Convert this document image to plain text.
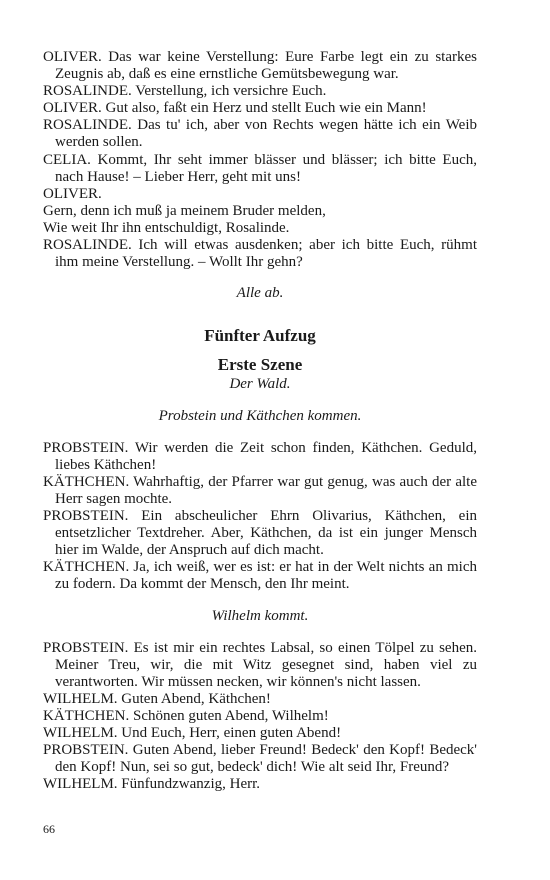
OLIVER. Das war keine Verstellung: Eure Farbe legt ein zu starkes Zeugnis ab, daß es eine ernstliche Gemütsbewegung war.

ROSALINDE. Verstellung, ich versichre Euch.

OLIVER. Gut also, faßt ein Herz und stellt Euch wie ein Mann!

ROSALINDE. Das tu' ich, aber von Rechts wegen hätte ich ein Weib werden sollen.

CELIA. Kommt, Ihr seht immer blässer und blässer; ich bitte Euch, nach Hause! – Lieber Herr, geht mit uns!

OLIVER.

Gern, denn ich muß ja meinem Bruder melden,

Wie weit Ihr ihn entschuldigt, Rosalinde.

ROSALINDE. Ich will etwas ausdenken; aber ich bitte Euch, rühmt ihm meine Verstellung. – Wollt Ihr gehn?

Alle ab.

Fünfter Aufzug

Erste Szene

Der Wald.

Probstein und Käthchen kommen.

PROBSTEIN. Wir werden die Zeit schon finden, Käthchen. Geduld, liebes Käthchen!

KÄTHCHEN. Wahrhaftig, der Pfarrer war gut genug, was auch der alte Herr sagen mochte.

PROBSTEIN. Ein abscheulicher Ehrn Olivarius, Käthchen, ein entsetzlicher Textdreher. Aber, Käthchen, da ist ein junger Mensch hier im Walde, der Anspruch auf dich macht.

KÄTHCHEN. Ja, ich weiß, wer es ist: er hat in der Welt nichts an mich zu fodern. Da kommt der Mensch, den Ihr meint.

Wilhelm kommt.

PROBSTEIN. Es ist mir ein rechtes Labsal, so einen Tölpel zu sehen. Meiner Treu, wir, die mit Witz gesegnet sind, haben viel zu verantworten. Wir müssen necken, wir können's nicht lassen.

WILHELM. Guten Abend, Käthchen!

KÄTHCHEN. Schönen guten Abend, Wilhelm!

WILHELM. Und Euch, Herr, einen guten Abend!

PROBSTEIN. Guten Abend, lieber Freund! Bedeck' den Kopf! Bedeck' den Kopf! Nun, sei so gut, bedeck' dich! Wie alt seid Ihr, Freund?

WILHELM. Fünfundzwanzig, Herr.

66
